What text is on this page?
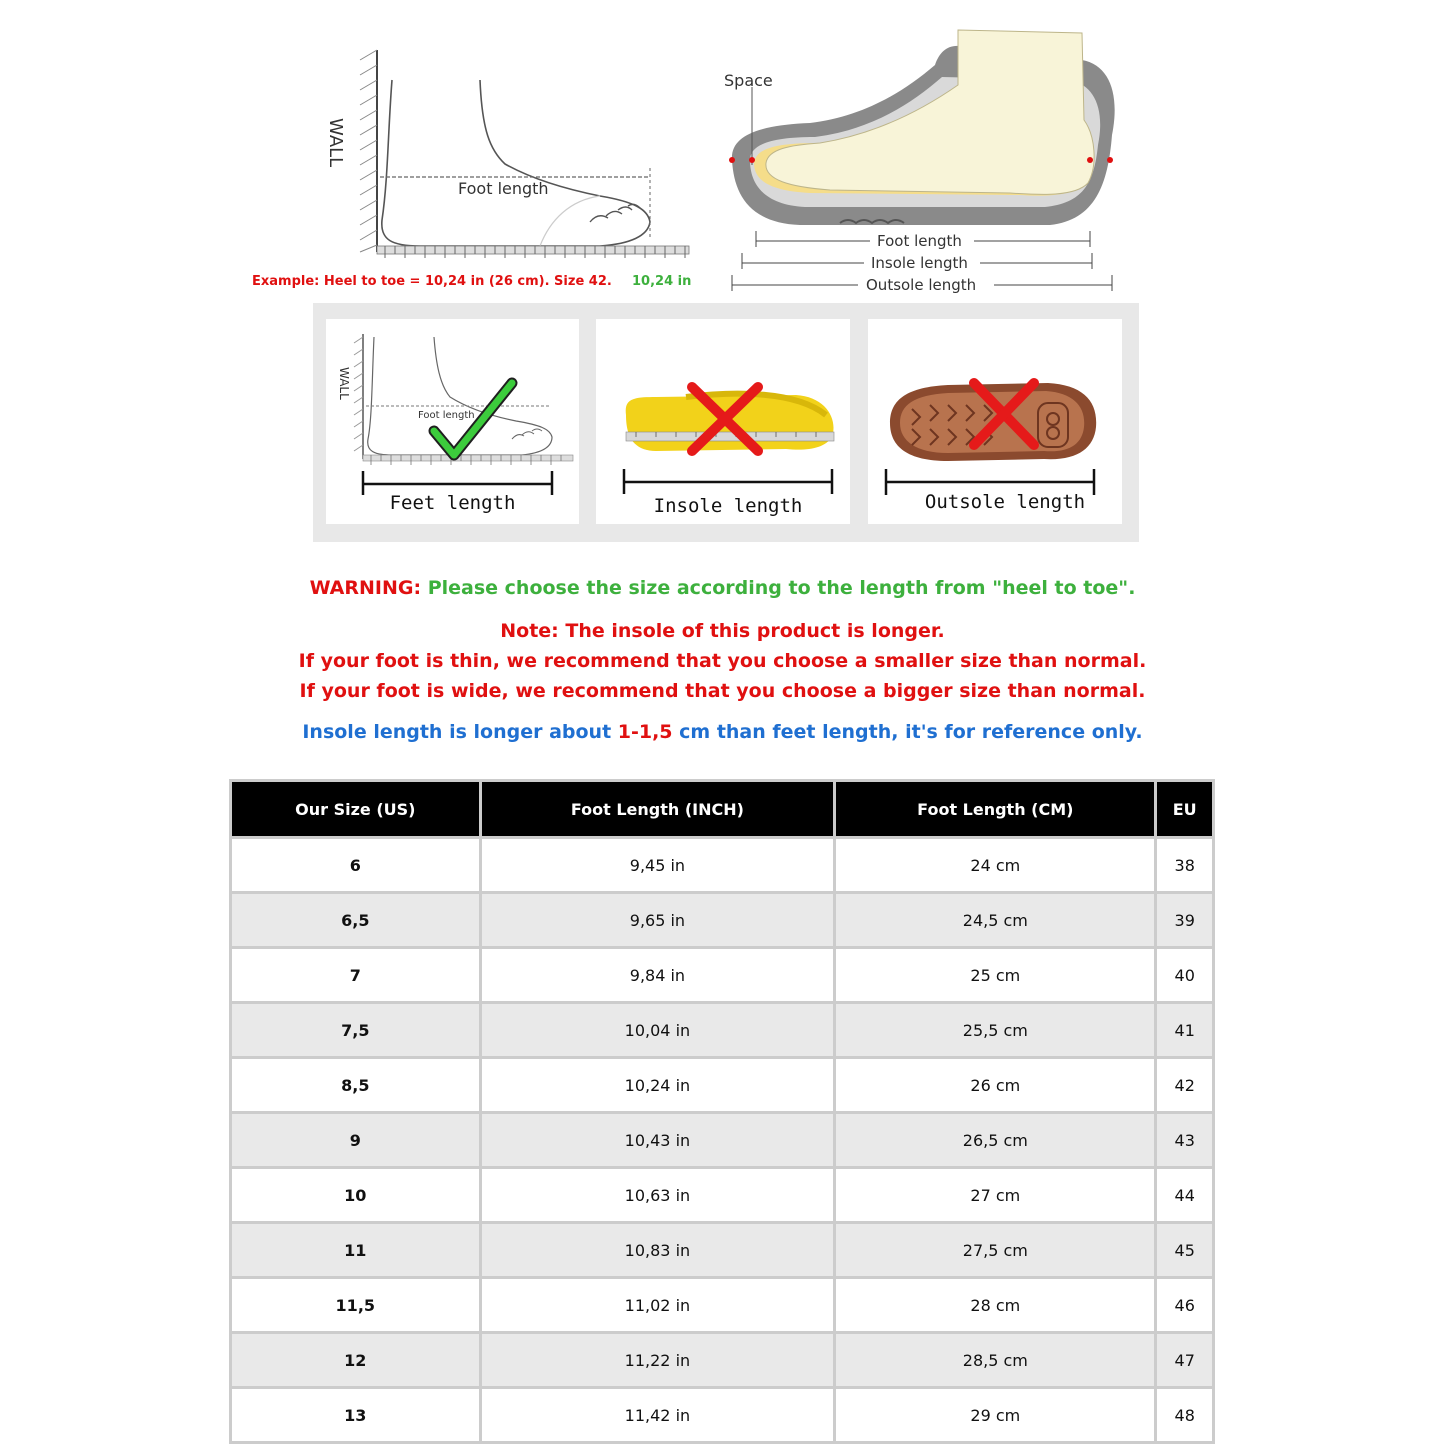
WALL
Foot length
Example: Heel to toe = 10,24 in (26 cm). Size 42. 10,24 in
Space
Foot length
Insole length
Outsole length
WALL
Foot length
Feet length	Insole length	Outsole length
WARNING: Please choose the size according to the length from "heel to toe".
Note: The insole of this product is longer.
If your foot is thin, we recommend that you choose a smaller size than normal.
If your foot is wide, we recommend that you choose a bigger size than normal.
Insole length is longer about 1-1,5 cm than feet length, it's for reference only.
Our Size (US)	Foot Length (INCH)	Foot Length (CM)	EU
6	9,45 in	24 cm	38
6,5	9,65 in	24,5 cm	39
7	9,84 in	25 cm	40
7,5	10,04 in	25,5 cm	41
8,5	10,24 in	26 cm	42
9	10,43 in	26,5 cm	43
10	10,63 in	27 cm	44
11	10,83 in	27,5 cm	45
11,5	11,02 in	28 cm	46
12	11,22 in	28,5 cm	47
13	11,42 in	29 cm	48
